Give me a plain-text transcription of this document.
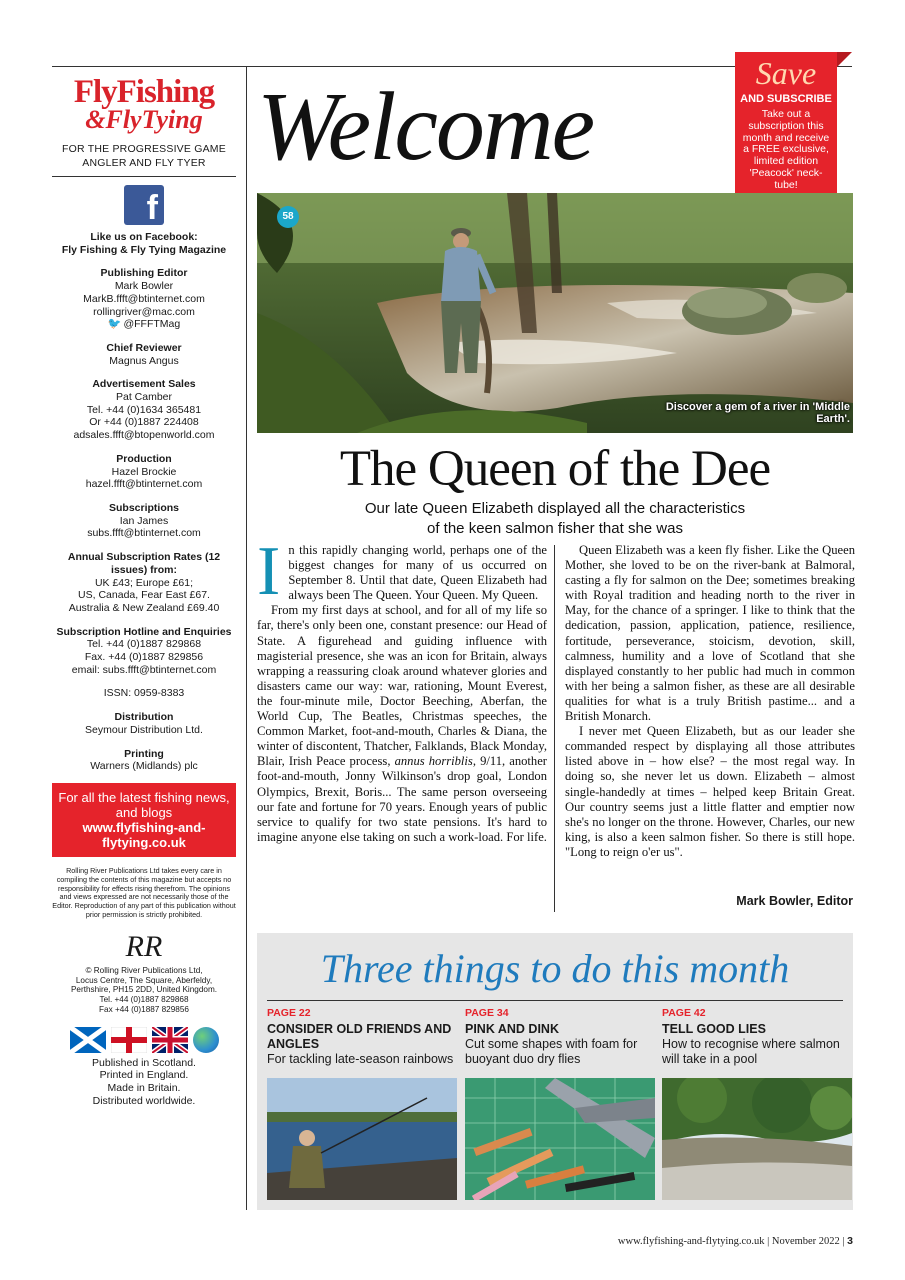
FlyFishing
&FlyTying
FOR THE PROGRESSIVE GAME ANGLER AND FLY TYER
f
Like us on Facebook:
Fly Fishing & Fly Tying Magazine
Publishing Editor
Mark Bowler
MarkB.ffft@btinternet.com
rollingriver@mac.com
🐦 @FFFTMag
Chief Reviewer
Magnus Angus
Advertisement Sales
Pat Camber
Tel. +44 (0)1634 365481
Or +44 (0)1887 224408
adsales.ffft@btopenworld.com
Production
Hazel Brockie
hazel.ffft@btinternet.com
Subscriptions
Ian James
subs.ffft@btinternet.com
Annual Subscription Rates (12 issues) from:
UK £43; Europe £61;
US, Canada, Fear East £67.
Australia & New Zealand £69.40
Subscription Hotline and Enquiries
Tel. +44 (0)1887 829868
Fax. +44 (0)1887 829856
email: subs.ffft@btinternet.com
ISSN: 0959-8383
Distribution
Seymour Distribution Ltd.
Printing
Warners (Midlands) plc
For all the latest fishing news, and blogs
www.flyfishing-and-flytying.co.uk
Rolling River Publications Ltd takes every care in compiling the contents of this magazine but accepts no responsibility for effects rising therefrom. The opinions and views expressed are not necessarily those of the Editor. Reproduction of any part of this publication without prior permission is strictly prohibited.
RR
© Rolling River Publications Ltd,
Locus Centre, The Square, Aberfeldy,
Perthshire, PH15 2DD, United Kingdom.
Tel. +44 (0)1887 829868
Fax +44 (0)1887 829856
Published in Scotland.
Printed in England.
Made in Britain.
Distributed worldwide.
Welcome	Save
AND SUBSCRIBE
Take out a subscription this month and receive a FREE exclusive, limited edition 'Peacock' neck-tube!
58
Discover a gem of a river in 'Middle Earth'.
The Queen of the Dee
Our late Queen Elizabeth displayed all the characteristics
of the keen salmon fisher that she was

In this rapidly changing world, perhaps one of the biggest changes for many of us occurred on September 8. Until that date, Queen Elizabeth had always been The Queen. Your Queen. My Queen.

From my first days at school, and for all of my life so far, there's only been one, constant presence: our Head of State. A figurehead and guiding influence with magisterial presence, she was an icon for Britain, always wrapping a reassuring cloak around whatever glories and disasters came our way: war, rationing, Mount Everest, the four-minute mile, Doctor Beeching, Aberfan, the World Cup, The Beatles, Christmas speeches, the Common Market, foot-and-mouth, Charles & Diana, the winter of discontent, Thatcher, Falklands, Black Monday, Blair, Irish Peace process, annus horriblis, 9/11, another foot-and-mouth, Jonny Wilkinson's drop goal, London Olympics, Brexit, Boris... The same person overseeing our fate and fortune for 70 years. Enough years of public service to qualify for two state pensions. It's hard to imagine anyone else taking on such a work-load. For life.

Queen Elizabeth was a keen fly fisher. Like the Queen Mother, she loved to be on the river-bank at Balmoral, casting a fly for salmon on the Dee; sometimes breaking with Royal tradition and heading north to the river in May, for the chance of a springer. I like to think that the dedication, passion, application, patience, resilience, fortitude, perseverance, stoicism, devotion, skill, calmness, humility and a love of Scotland that she displayed constantly to her public had much in common with her being a salmon fisher, as these are all desirable qualities for what is a truly British pastime... and a British Monarch.

I never met Queen Elizabeth, but as our leader she commanded respect by displaying all those attributes listed above in – how else? – the most regal way. In doing so, she never let us down. Elizabeth – almost single-handedly at times – helped keep Britain Great. Our country seems just a little flatter and emptier now she's no longer on the throne. However, Charles, our new king, is also a keen salmon fisher. So there is still hope. "Long to reign o'er us".

Mark Bowler, Editor
Three things to do this month
PAGE 22
CONSIDER OLD FRIENDS AND ANGLES
For tackling late-season rainbows
PAGE 34
PINK AND DINK
Cut some shapes with foam for buoyant duo dry flies
PAGE 42
TELL GOOD LIES
How to recognise where salmon will take in a pool
www.flyfishing-and-flytying.co.uk | November 2022 | 3
